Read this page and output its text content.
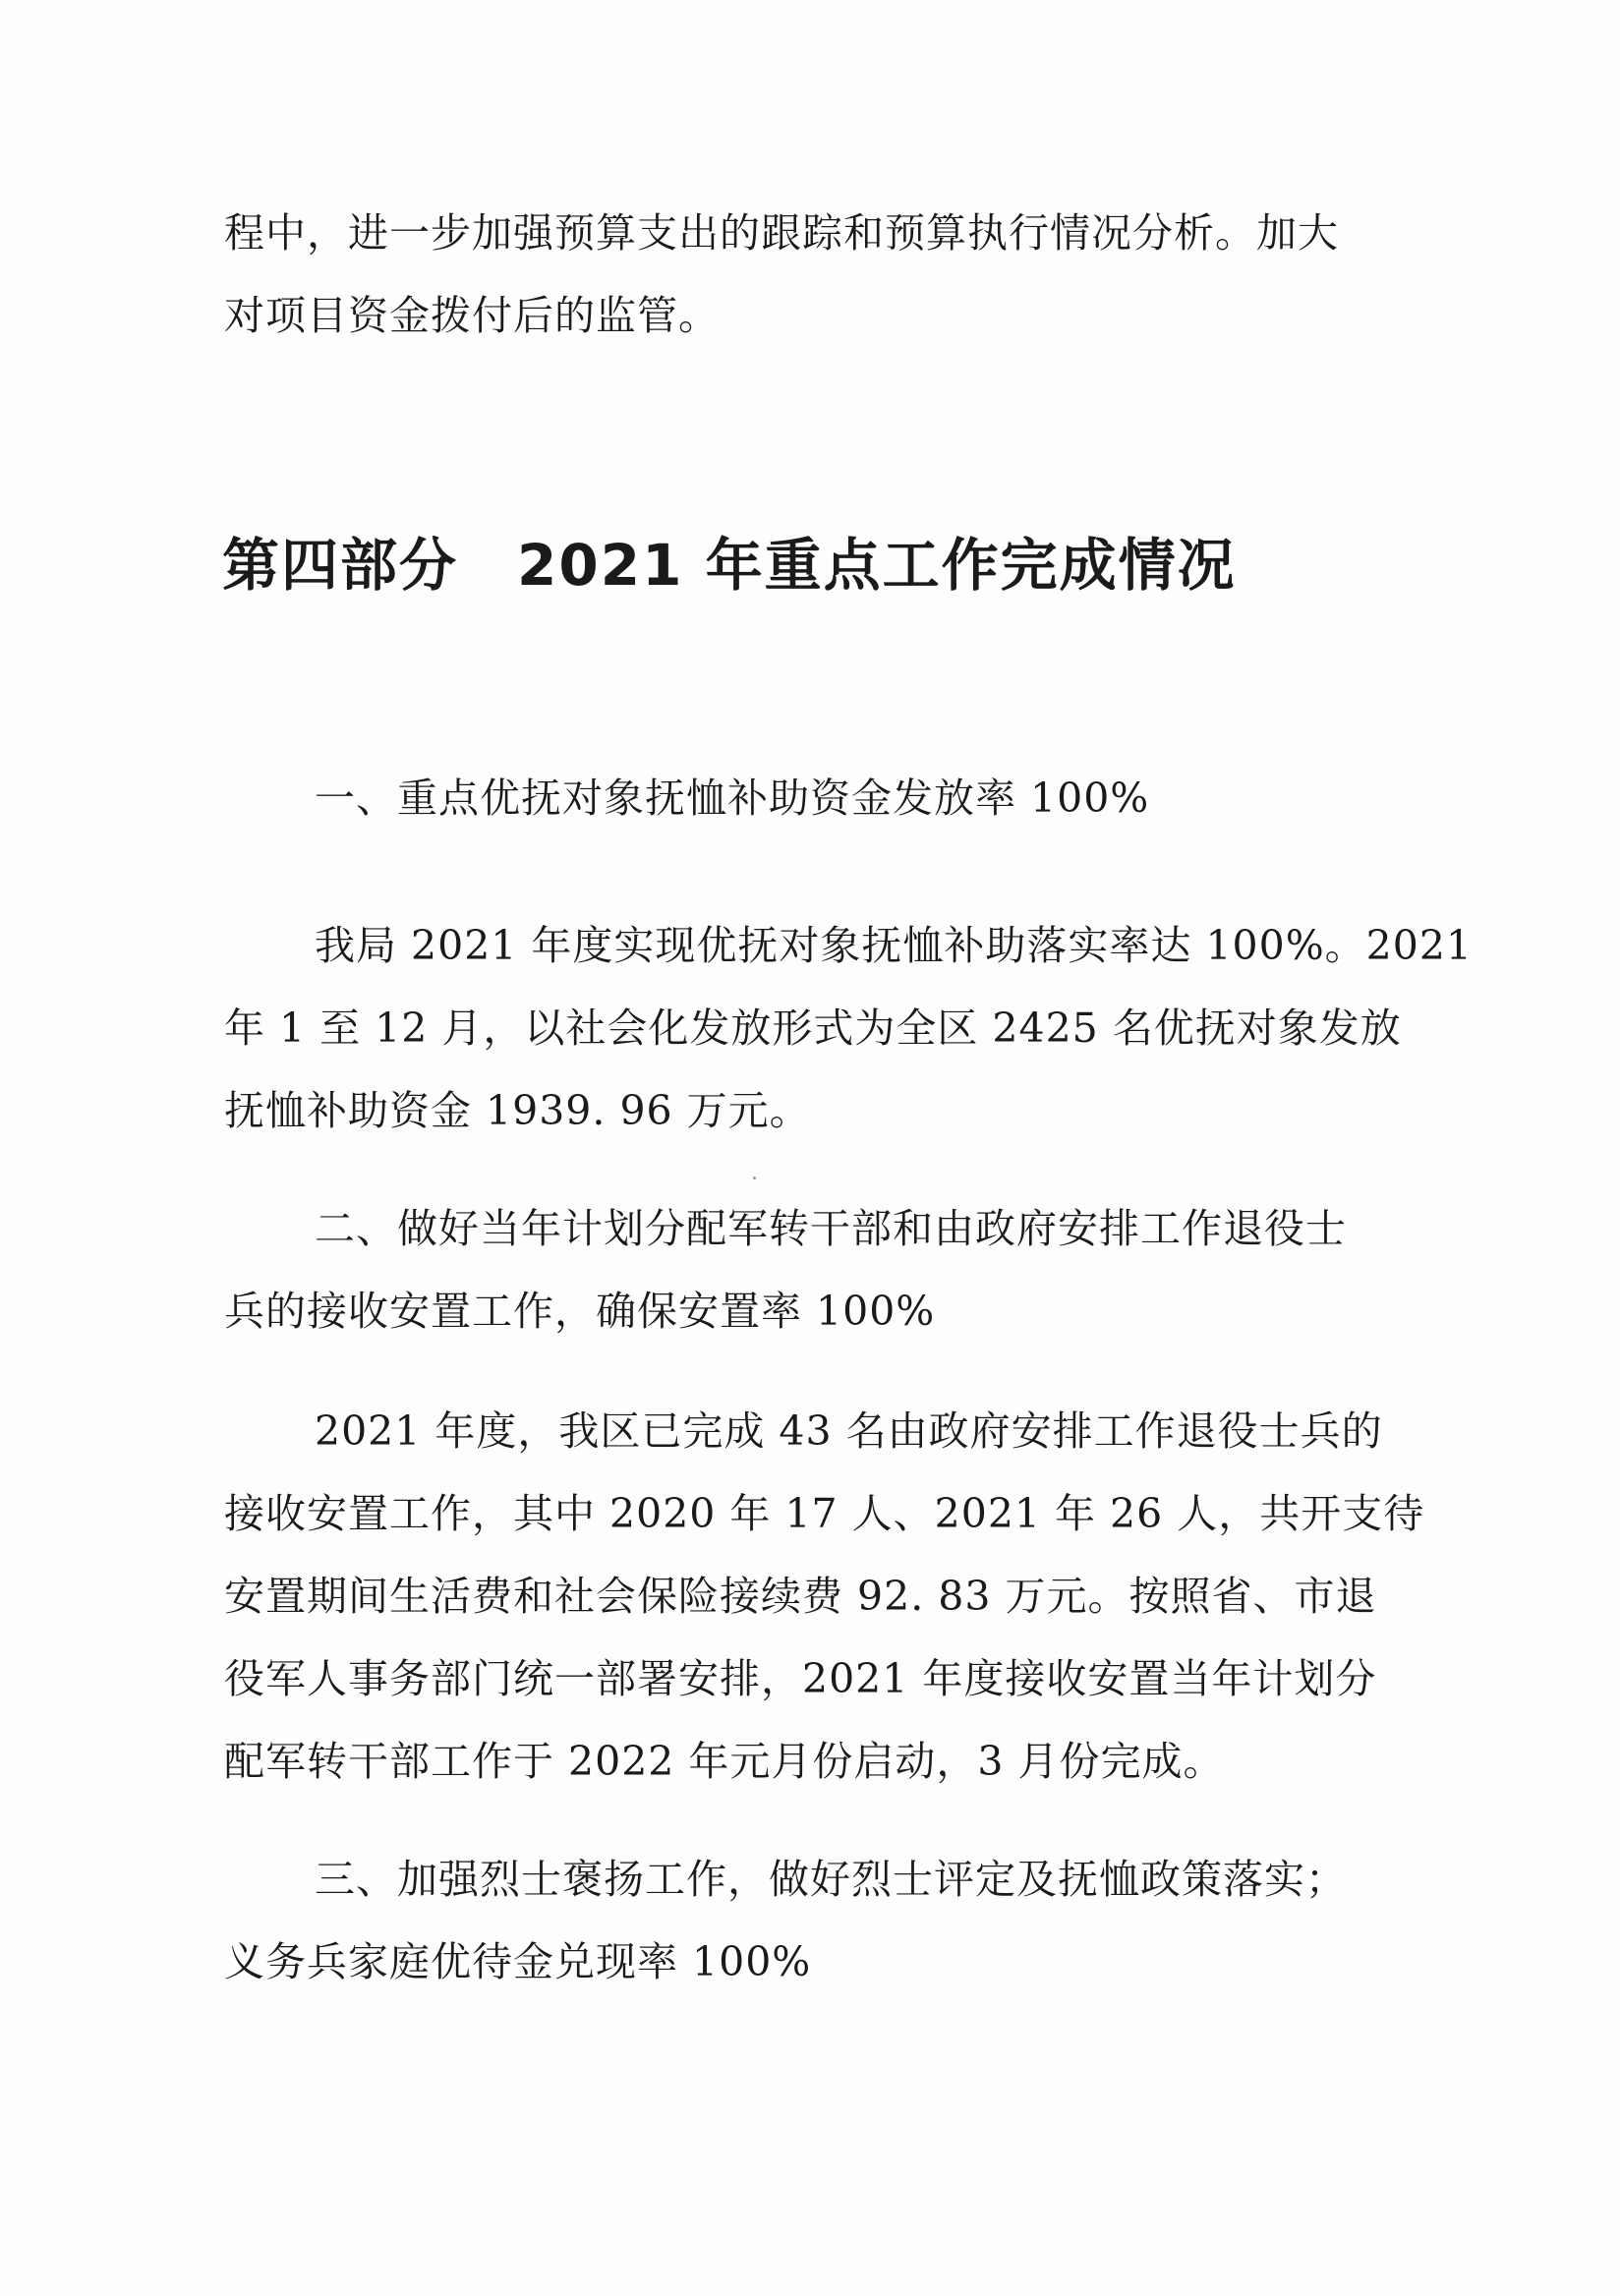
程中，进一步加强预算支出的跟踪和预算执行情况分析。加大
对项目资金拨付后的监管。
第四部分 2021 年重点工作完成情况
一、重点优抚对象抚恤补助资金发放率 100%
我局 2021 年度实现优抚对象抚恤补助落实率达 100%。2021
年 1 至 12 月，以社会化发放形式为全区 2425 名优抚对象发放
抚恤补助资金 1939. 96 万元。
二、做好当年计划分配军转干部和由政府安排工作退役士
兵的接收安置工作，确保安置率 100%
2021 年度，我区已完成 43 名由政府安排工作退役士兵的
接收安置工作，其中 2020 年 17 人、2021 年 26 人，共开支待
安置期间生活费和社会保险接续费 92. 83 万元。按照省、市退
役军人事务部门统一部署安排，2021 年度接收安置当年计划分
配军转干部工作于 2022 年元月份启动，3 月份完成。
三、加强烈士褒扬工作，做好烈士评定及抚恤政策落实；
义务兵家庭优待金兑现率 100%
